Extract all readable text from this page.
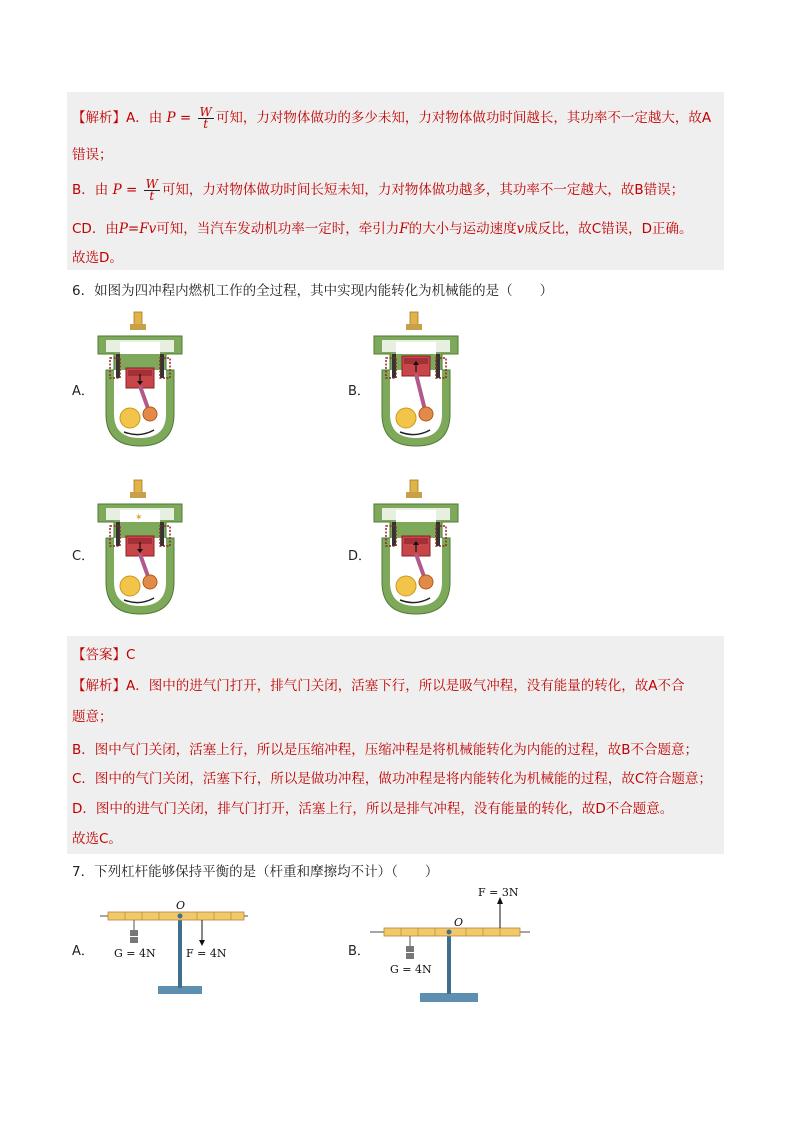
【解析】A．由 $P = \frac{W}{t}$ 可知，力对物体做功的多少未知，力对物体做功时间越长，其功率不一定越大，故A
错误；
B．由 $P = \frac{W}{t}$ 可知，力对物体做功时间长短未知，力对物体做功越多，其功率不一定越大，故B错误；
CD．由P=Fv可知，当汽车发动机功率一定时，牵引力F的大小与运动速度v成反比，故C错误，D正确。
故选D。
6．如图为四冲程内燃机工作的全过程，其中实现内能转化为机械能的是（　　）
A．	B．
C．	D．
✶
【答案】C
【解析】A．图中的进气门打开，排气门关闭，活塞下行，所以是吸气冲程，没有能量的转化，故A不合
题意；
B．图中气门关闭，活塞上行，所以是压缩冲程，压缩冲程是将机械能转化为内能的过程，故B不合题意；
C．图中的气门关闭，活塞下行，所以是做功冲程，做功冲程是将内能转化为机械能的过程，故C符合题意；
D．图中的进气门关闭，排气门打开，活塞上行，所以是排气冲程，没有能量的转化，故D不合题意。
故选C。
7．下列杠杆能够保持平衡的是（杆重和摩擦均不计）（　　）
A．	B．
O
G = 4N	F = 4N
O
G = 4N
F = 3N
